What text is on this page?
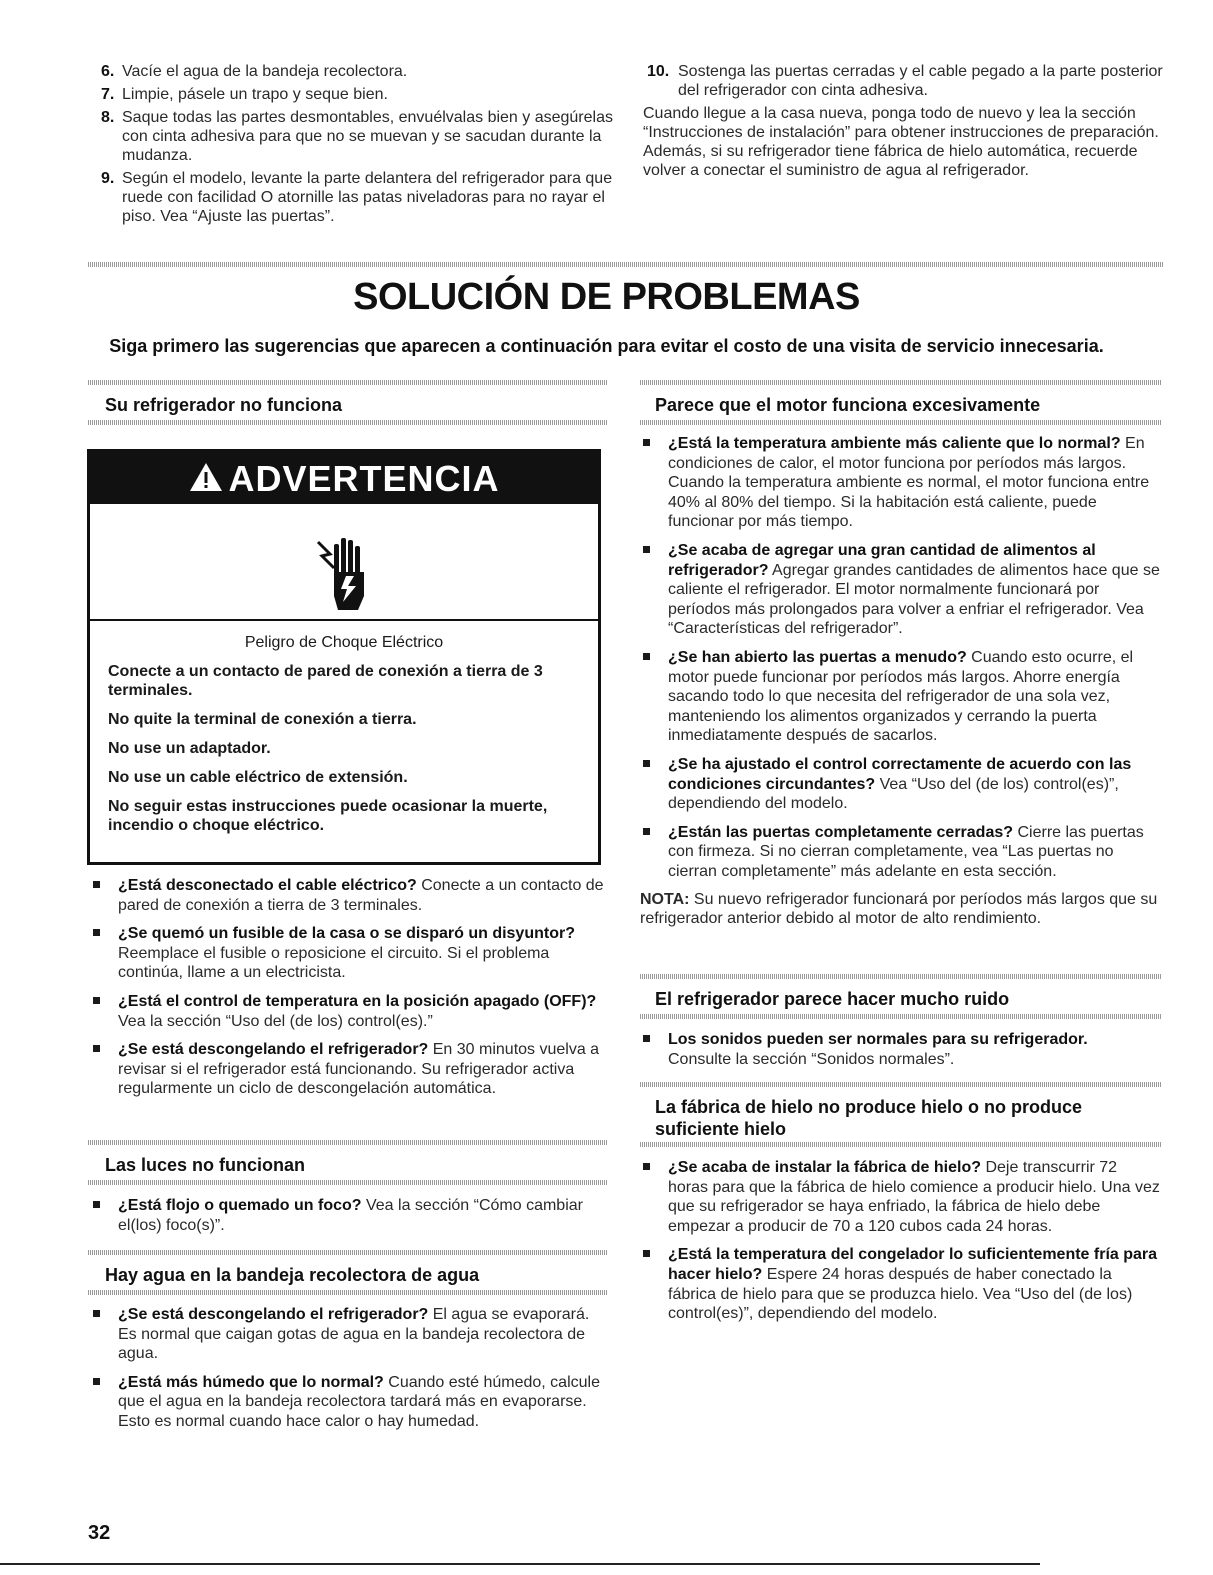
6. Vacíe el agua de la bandeja recolectora.
7. Limpie, pásele un trapo y seque bien.
8. Saque todas las partes desmontables, envuélvalas bien y asegúrelas con cinta adhesiva para que no se muevan y se sacudan durante la mudanza.
9. Según el modelo, levante la parte delantera del refrigerador para que ruede con facilidad O atornille las patas niveladoras para no rayar el piso. Vea “Ajuste las puertas”.
10. Sostenga las puertas cerradas y el cable pegado a la parte posterior del refrigerador con cinta adhesiva.

Cuando llegue a la casa nueva, ponga todo de nuevo y lea la sección “Instrucciones de instalación” para obtener instrucciones de preparación. Además, si su refrigerador tiene fábrica de hielo automática, recuerde volver a conectar el suministro de agua al refrigerador.

SOLUCIÓN DE PROBLEMAS
Siga primero las sugerencias que aparecen a continuación para evitar el costo de una visita de servicio innecesaria.

Su refrigerador no funciona

ADVERTENCIA

Peligro de Choque Eléctrico

Conecte a un contacto de pared de conexión a tierra de 3 terminales.

No quite la terminal de conexión a tierra.

No use un adaptador.

No use un cable eléctrico de extensión.

No seguir estas instrucciones puede ocasionar la muerte, incendio o choque eléctrico.

¿Está desconectado el cable eléctrico? Conecte a un contacto de pared de conexión a tierra de 3 terminales.
¿Se quemó un fusible de la casa o se disparó un disyuntor? Reemplace el fusible o reposicione el circuito. Si el problema continúa, llame a un electricista.
¿Está el control de temperatura en la posición apagado (OFF)? Vea la sección “Uso del (de los) control(es).”
¿Se está descongelando el refrigerador? En 30 minutos vuelva a revisar si el refrigerador está funcionando. Su refrigerador activa regularmente un ciclo de descongelación automática.

Las luces no funcionan

¿Está flojo o quemado un foco? Vea la sección “Cómo cambiar el(los) foco(s)”.

Hay agua en la bandeja recolectora de agua

¿Se está descongelando el refrigerador? El agua se evaporará. Es normal que caigan gotas de agua en la bandeja recolectora de agua.
¿Está más húmedo que lo normal? Cuando esté húmedo, calcule que el agua en la bandeja recolectora tardará más en evaporarse. Esto es normal cuando hace calor o hay humedad.

Parece que el motor funciona excesivamente

¿Está la temperatura ambiente más caliente que lo normal? En condiciones de calor, el motor funciona por períodos más largos. Cuando la temperatura ambiente es normal, el motor funciona entre 40% al 80% del tiempo. Si la habitación está caliente, puede funcionar por más tiempo.
¿Se acaba de agregar una gran cantidad de alimentos al refrigerador? Agregar grandes cantidades de alimentos hace que se caliente el refrigerador. El motor normalmente funcionará por períodos más prolongados para volver a enfriar el refrigerador. Vea “Características del refrigerador”.
¿Se han abierto las puertas a menudo? Cuando esto ocurre, el motor puede funcionar por períodos más largos. Ahorre energía sacando todo lo que necesita del refrigerador de una sola vez, manteniendo los alimentos organizados y cerrando la puerta inmediatamente después de sacarlos.
¿Se ha ajustado el control correctamente de acuerdo con las condiciones circundantes? Vea “Uso del (de los) control(es)”, dependiendo del modelo.
¿Están las puertas completamente cerradas? Cierre las puertas con firmeza. Si no cierran completamente, vea “Las puertas no cierran completamente” más adelante en esta sección.

NOTA: Su nuevo refrigerador funcionará por períodos más largos que su refrigerador anterior debido al motor de alto rendimiento.

El refrigerador parece hacer mucho ruido

Los sonidos pueden ser normales para su refrigerador.
Consulte la sección “Sonidos normales”.

La fábrica de hielo no produce hielo o no produce suficiente hielo

¿Se acaba de instalar la fábrica de hielo? Deje transcurrir 72 horas para que la fábrica de hielo comience a producir hielo. Una vez que su refrigerador se haya enfriado, la fábrica de hielo debe empezar a producir de 70 a 120 cubos cada 24 horas.
¿Está la temperatura del congelador lo suficientemente fría para hacer hielo? Espere 24 horas después de haber conectado la fábrica de hielo para que se produzca hielo. Vea “Uso del (de los) control(es)”, dependiendo del modelo.
32
